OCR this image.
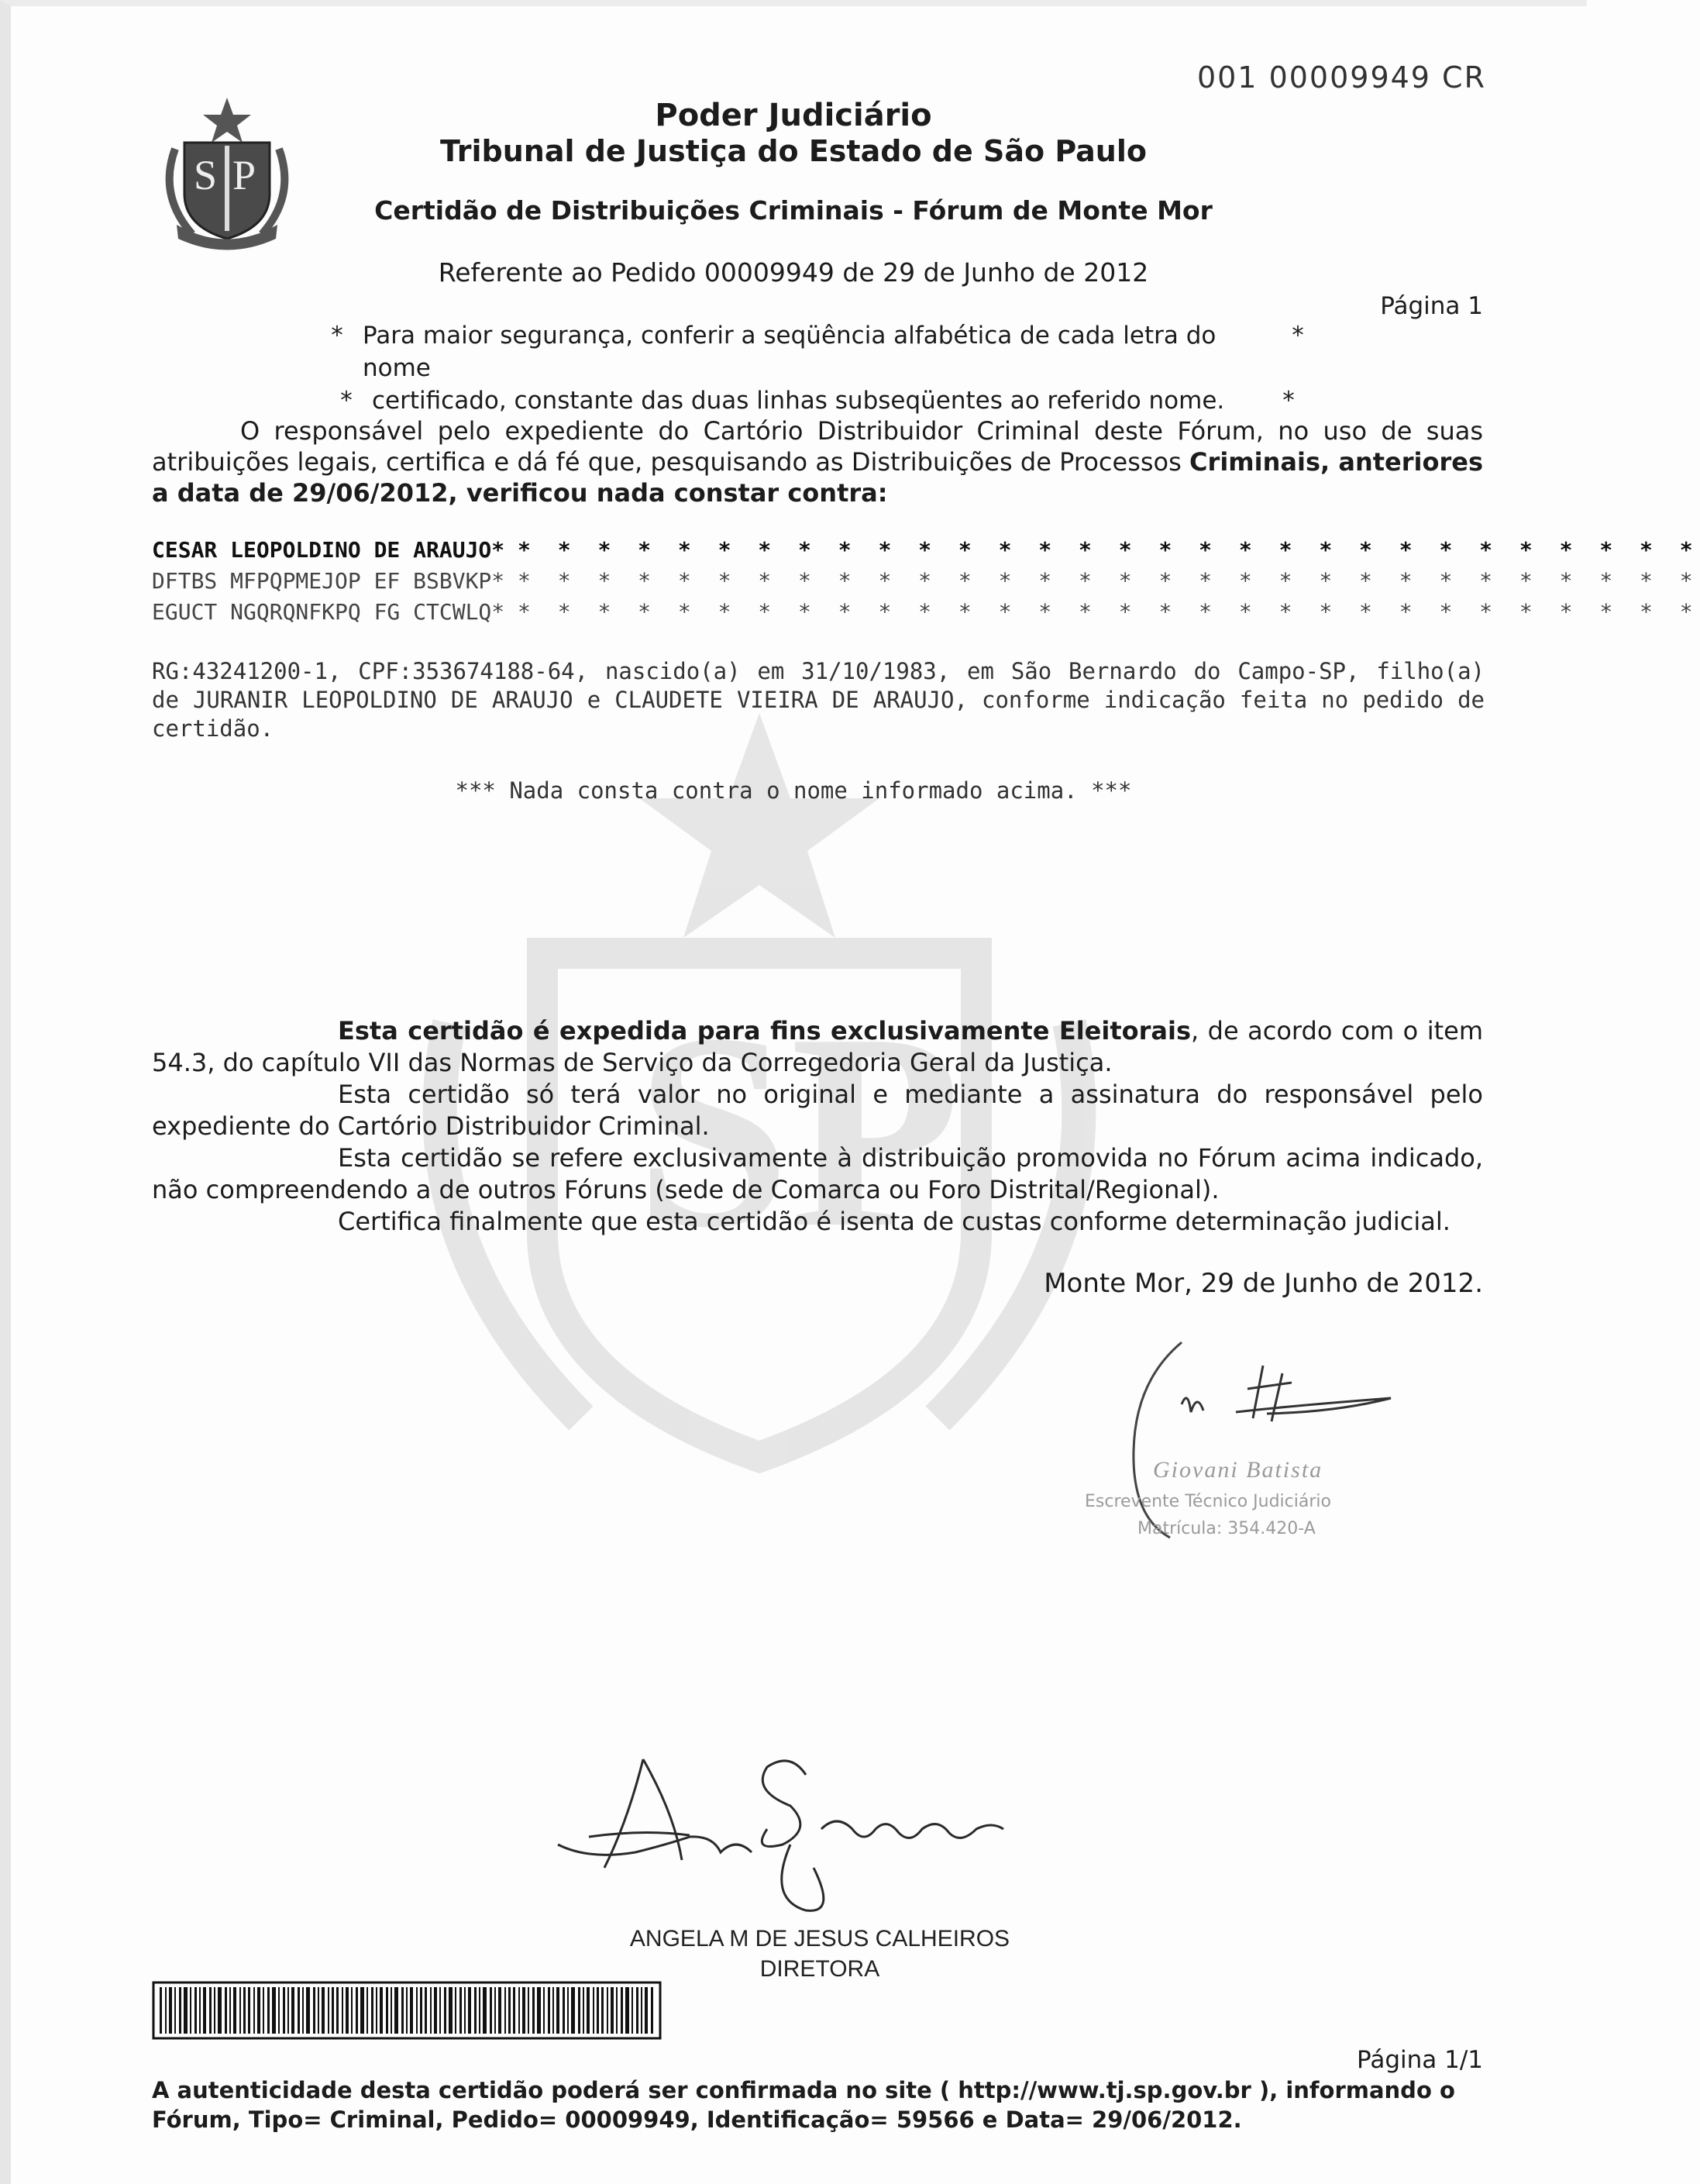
S P
S P
001 00009949 CR
Poder Judiciário
Tribunal de Justiça do Estado de São Paulo
Certidão de Distribuições Criminais - Fórum de Monte Mor
Referente ao Pedido 00009949 de 29 de Junho de 2012
Página 1
* Para maior segurança, conferir a seqüência alfabética de cada letra do nome
*
* certificado, constante das duas linhas subseqüentes ao referido nome.	*
O responsável pelo expediente do Cartório Distribuidor Criminal deste Fórum, no uso de suas atribuições legais, certifica e dá fé que, pesquisando as Distribuições de Processos Criminais, anteriores a data de 29/06/2012, verificou nada constar contra:
CESAR LEOPOLDINO DE ARAUJO*
* * * * * * * * * * * * * * * * * * * * * * * * * * * * * *
DFTBS MFPQPMEJOP EF BSBVKP*
* * * * * * * * * * * * * * * * * * * * * * * * * * * * * *
EGUCT NGQRQNFKPQ FG CTCWLQ*
* * * * * * * * * * * * * * * * * * * * * * * * * * * * * *
RG:43241200-1, CPF:353674188-64, nascido(a) em 31/10/1983, em São Bernardo do Campo-SP, filho(a) de JURANIR LEOPOLDINO DE ARAUJO e CLAUDETE VIEIRA DE ARAUJO, conforme indicação feita no pedido de certidão.
*** Nada consta contra o nome informado acima. ***

Esta certidão é expedida para fins exclusivamente Eleitorais, de acordo com o item 54.3, do capítulo VII das Normas de Serviço da Corregedoria Geral da Justiça.

Esta certidão só terá valor no original e mediante a assinatura do responsável pelo expediente do Cartório Distribuidor Criminal.

Esta certidão se refere exclusivamente à distribuição promovida no Fórum acima indicado, não compreendendo a de outros Fóruns (sede de Comarca ou Foro Distrital/Regional).

Certifica finalmente que esta certidão é isenta de custas conforme determinação judicial.

Monte Mor, 29 de Junho de 2012.
Giovani Batista
Escrevente Técnico Judiciário
Matrícula: 354.420-A
ANGELA M DE JESUS CALHEIROS
DIRETORA
Página 1/1
A autenticidade desta certidão poderá ser confirmada no site ( http://www.tj.sp.gov.br ), informando o Fórum, Tipo= Criminal, Pedido= 00009949, Identificação= 59566 e Data= 29/06/2012.
